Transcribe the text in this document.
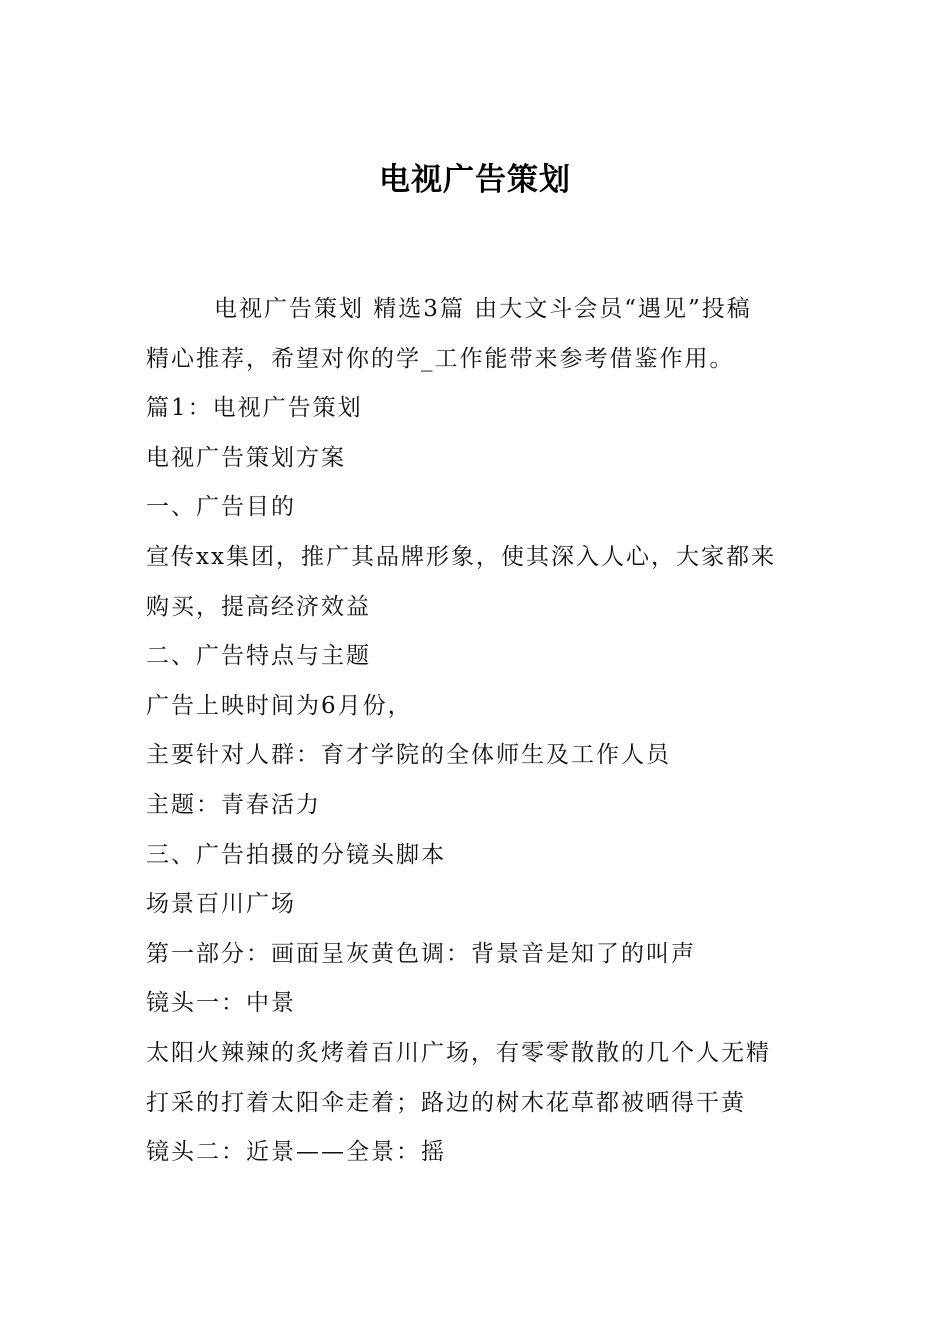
电视广告策划
电视广告策划 精选3篇 由大文斗会员“遇见”投稿
精心推荐，希望对你的学_工作能带来参考借鉴作用。
篇1：电视广告策划
电视广告策划方案
一、广告目的
宣传xx集团，推广其品牌形象，使其深入人心，大家都来
购买，提高经济效益
二、广告特点与主题
广告上映时间为6月份，
主要针对人群：育才学院的全体师生及工作人员
主题：青春活力
三、广告拍摄的分镜头脚本
场景百川广场
第一部分：画面呈灰黄色调：背景音是知了的叫声
镜头一：中景
太阳火辣辣的炙烤着百川广场，有零零散散的几个人无精
打采的打着太阳伞走着；路边的树木花草都被晒得干黄
镜头二：近景——全景：摇
